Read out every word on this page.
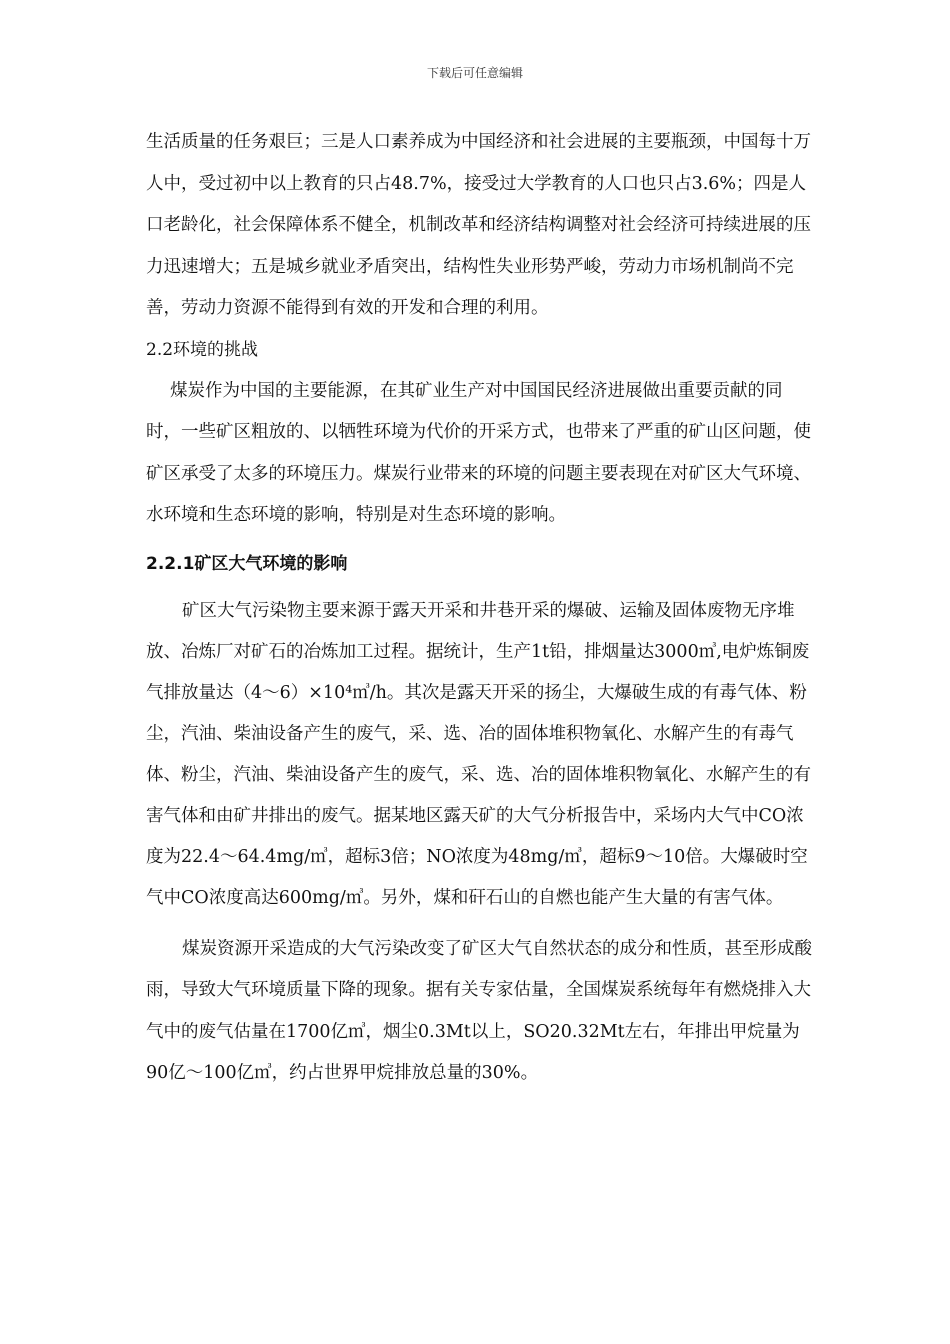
下载后可任意编辑

生活质量的任务艰巨；三是人口素养成为中国经济和社会进展的主要瓶颈，中国每十万人中，受过初中以上教育的只占48.7%，接受过大学教育的人口也只占3.6%；四是人口老龄化，社会保障体系不健全，机制改革和经济结构调整对社会经济可持续进展的压力迅速增大；五是城乡就业矛盾突出，结构性失业形势严峻，劳动力市场机制尚不完善，劳动力资源不能得到有效的开发和合理的利用。

2.2环境的挑战

煤炭作为中国的主要能源，在其矿业生产对中国国民经济进展做出重要贡献的同时，一些矿区粗放的、以牺牲环境为代价的开采方式，也带来了严重的矿山区问题，使矿区承受了太多的环境压力。煤炭行业带来的环境的问题主要表现在对矿区大气环境、水环境和生态环境的影响，特别是对生态环境的影响。

2.2.1矿区大气环境的影响

矿区大气污染物主要来源于露天开采和井巷开采的爆破、运输及固体废物无序堆放、冶炼厂对矿石的冶炼加工过程。据统计，生产1t铅，排烟量达3000㎥,电炉炼铜废气排放量达（4～6）×10⁴㎥/h。其次是露天开采的扬尘，大爆破生成的有毒气体、粉尘，汽油、柴油设备产生的废气，采、选、冶的固体堆积物氧化、水解产生的有毒气体、粉尘，汽油、柴油设备产生的废气，采、选、冶的固体堆积物氧化、水解产生的有害气体和由矿井排出的废气。据某地区露天矿的大气分析报告中，采场内大气中CO浓度为22.4～64.4mg/㎥，超标3倍；NO浓度为48mg/㎥，超标9～10倍。大爆破时空气中CO浓度高达600mg/㎥。另外，煤和矸石山的自燃也能产生大量的有害气体。

煤炭资源开采造成的大气污染改变了矿区大气自然状态的成分和性质，甚至形成酸雨，导致大气环境质量下降的现象。据有关专家估量，全国煤炭系统每年有燃烧排入大气中的废气估量在1700亿㎥，烟尘0.3Mt以上，SO20.32Mt左右，年排出甲烷量为90亿～100亿㎥，约占世界甲烷排放总量的30%。
